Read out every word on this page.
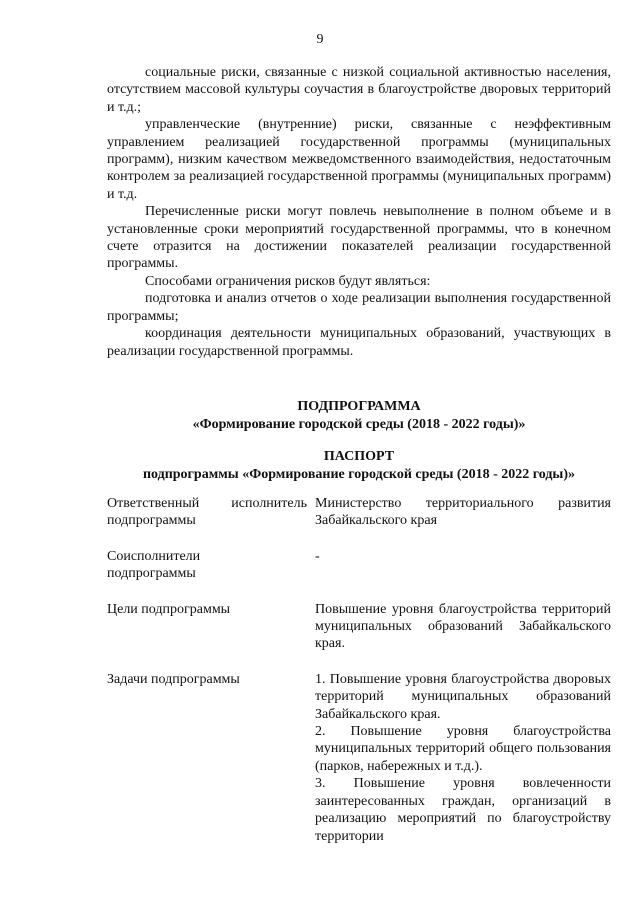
9

социальные риски, связанные с низкой социальной активностью населения, отсутствием массовой культуры соучастия в благоустройстве дворовых территорий и т.д.;

управленческие (внутренние) риски, связанные с неэффективным управлением реализацией государственной программы (муниципальных программ), низким качеством межведомственного взаимодействия, недостаточным контролем за реализацией государственной программы (муниципальных программ) и т.д.

Перечисленные риски могут повлечь невыполнение в полном объеме и в установленные сроки мероприятий государственной программы, что в конечном счете отразится на достижении показателей реализации государственной программы.

Способами ограничения рисков будут являться:

подготовка и анализ отчетов о ходе реализации выполнения государственной программы;

координация деятельности муниципальных образований, участвующих в реализации государственной программы.

ПОДПРОГРАММА
«Формирование городской среды (2018 - 2022 годы)»
ПАСПОРТ
подпрограммы «Формирование городской среды (2018 - 2022 годы)»
Ответственный исполнитель
подпрограммы

Министерство территориального развития Забайкальского края

Соисполнители
подпрограммы

-

Цели подпрограммы	Повышение уровня благоустройства территорий муниципальных образований Забайкальского края.

Задачи подпрограммы	1. Повышение уровня благоустройства дворовых территорий муниципальных образований Забайкальского края.

2. Повышение уровня благоустройства муниципальных территорий общего пользования (парков, набережных и т.д.).

3. Повышение уровня вовлеченности заинтересованных граждан, организаций в реализацию мероприятий по благоустройству территории
